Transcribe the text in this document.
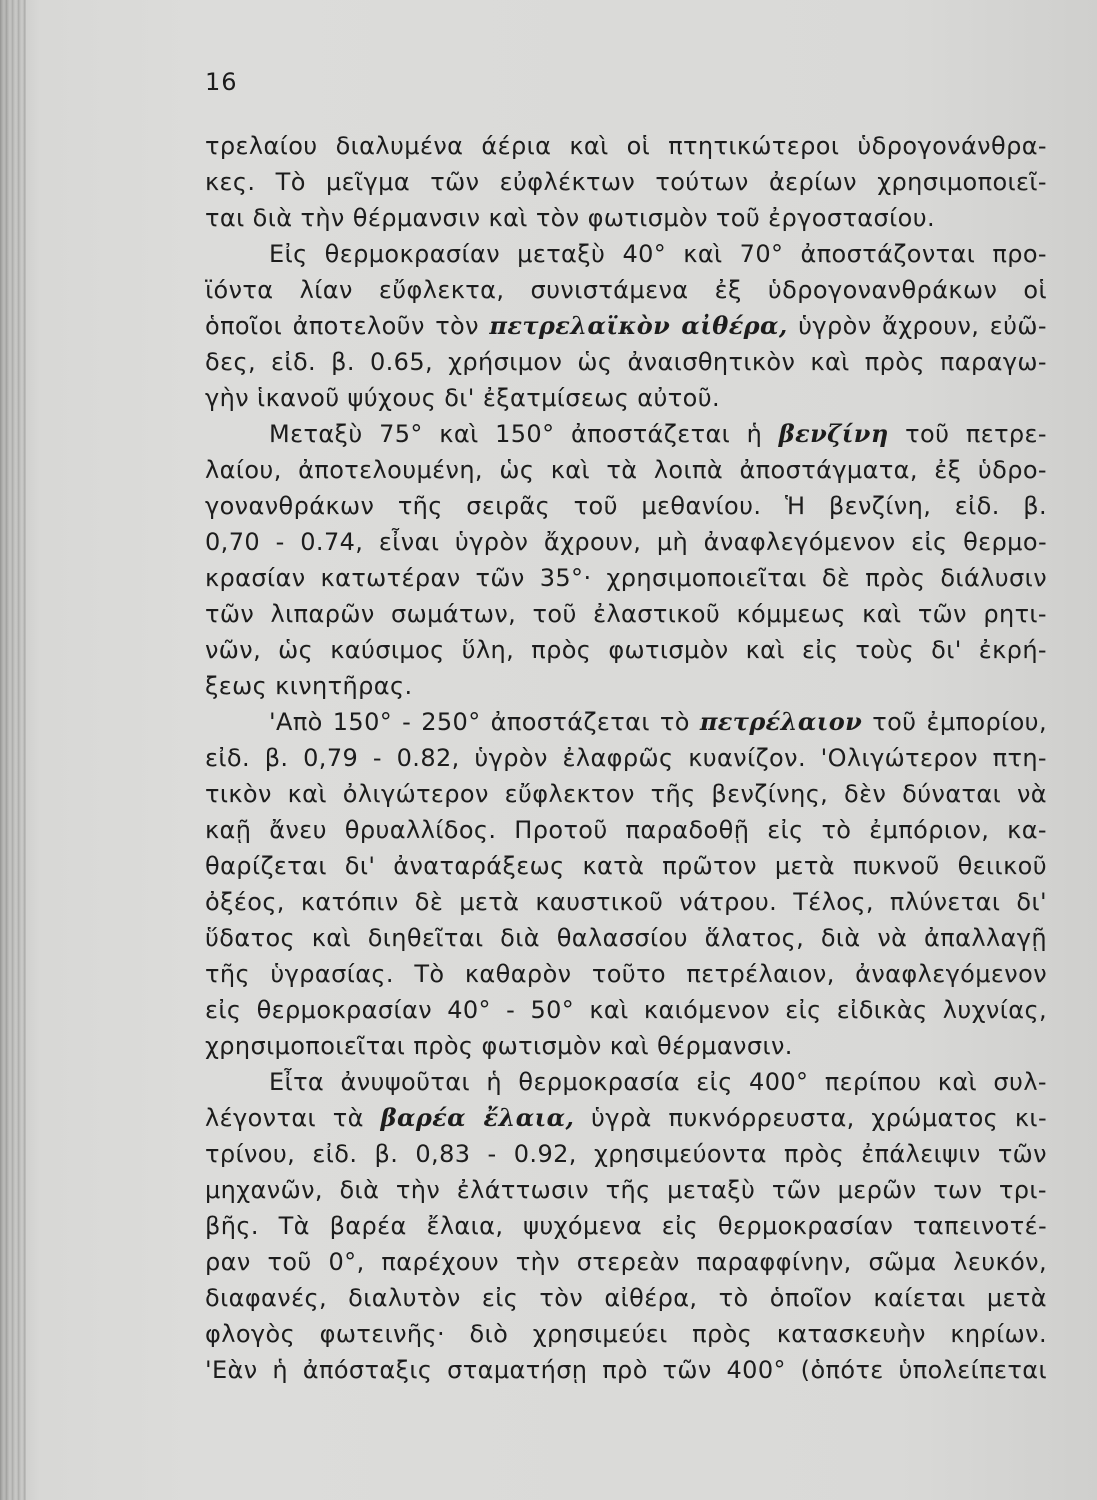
16
τρελαίου διαλυμένα άέρια καὶ οἱ πτητικώτεροι ὑδρογονάνθρα-
κες. Τὸ μεῖγμα τῶν εὐφλέκτων τούτων ἀερίων χρησιμοποιεῖ-
ται διὰ τὴν θέρμανσιν καὶ τὸν φωτισμὸν τοῦ ἐργοστασίου.
Εἰς θερμοκρασίαν μεταξὺ 40° καὶ 70° ἀποστάζονται προ-
ϊόντα λίαν εὔφλεκτα, συνιστάμενα ἐξ ὑδρογονανθράκων οἱ
ὁποῖοι ἀποτελοῦν τὸν πετρελαϊκὸν αἰθέρα, ὑγρὸν ἄχρουν, εὐῶ-
δες, εἰδ. β. 0.65, χρήσιμον ὡς ἀναισθητικὸν καὶ πρὸς παραγω-
γὴν ἱκανοῦ ψύχους δι' ἐξατμίσεως αὐτοῦ.
Μεταξὺ 75° καὶ 150° ἀποστάζεται ἡ βενζίνη τοῦ πετρε-
λαίου, ἀποτελουμένη, ὡς καὶ τὰ λοιπὰ ἀποστάγματα, ἐξ ὑδρο-
γονανθράκων τῆς σειρᾶς τοῦ μεθανίου. Ἡ βενζίνη, εἰδ. β.
0,70 - 0.74, εἶναι ὑγρὸν ἄχρουν, μὴ ἀναφλεγόμενον εἰς θερμο-
κρασίαν κατωτέραν τῶν 35°· χρησιμοποιεῖται δὲ πρὸς διάλυσιν
τῶν λιπαρῶν σωμάτων, τοῦ ἐλαστικοῦ κόμμεως καὶ τῶν ρητι-
νῶν, ὡς καύσιμος ὕλη, πρὸς φωτισμὸν καὶ εἰς τοὺς δι' ἐκρή-
ξεως κινητῆρας.
'Απὸ 150° - 250° ἀποστάζεται τὸ πετρέλαιον τοῦ ἐμπορίου,
εἰδ. β. 0,79 - 0.82, ὑγρὸν ἐλαφρῶς κυανίζον. 'Ολιγώτερον πτη-
τικὸν καὶ ὀλιγώτερον εὔφλεκτον τῆς βενζίνης, δὲν δύναται νὰ
καῇ ἄνευ θρυαλλίδος. Προτοῦ παραδοθῇ εἰς τὸ ἐμπόριον, κα-
θαρίζεται δι' ἀναταράξεως κατὰ πρῶτον μετὰ πυκνοῦ θειικοῦ
ὀξέος, κατόπιν δὲ μετὰ καυστικοῦ νάτρου. Τέλος, πλύνεται δι'
ὕδατος καὶ διηθεῖται διὰ θαλασσίου ἅλατος, διὰ νὰ ἀπαλλαγῇ
τῆς ὑγρασίας. Τὸ καθαρὸν τοῦτο πετρέλαιον, ἀναφλεγόμενον
εἰς θερμοκρασίαν 40° - 50° καὶ καιόμενον εἰς εἰδικὰς λυχνίας,
χρησιμοποιεῖται πρὸς φωτισμὸν καὶ θέρμανσιν.
Εἶτα ἀνυψοῦται ἡ θερμοκρασία εἰς 400° περίπου καὶ συλ-
λέγονται τὰ βαρέα ἔλαια, ὑγρὰ πυκνόρρευστα, χρώματος κι-
τρίνου, εἰδ. β. 0,83 - 0.92, χρησιμεύοντα πρὸς ἐπάλειψιν τῶν
μηχανῶν, διὰ τὴν ἐλάττωσιν τῆς μεταξὺ τῶν μερῶν των τρι-
βῆς. Τὰ βαρέα ἔλαια, ψυχόμενα εἰς θερμοκρασίαν ταπεινοτέ-
ραν τοῦ 0°, παρέχουν τὴν στερεὰν παραφφίνην, σῶμα λευκόν,
διαφανές, διαλυτὸν εἰς τὸν αἰθέρα, τὸ ὁποῖον καίεται μετὰ
φλογὸς φωτεινῆς· διὸ χρησιμεύει πρὸς κατασκευὴν κηρίων.
'Εὰν ἡ ἀπόσταξις σταματήσῃ πρὸ τῶν 400° (ὁπότε ὑπολείπεται
